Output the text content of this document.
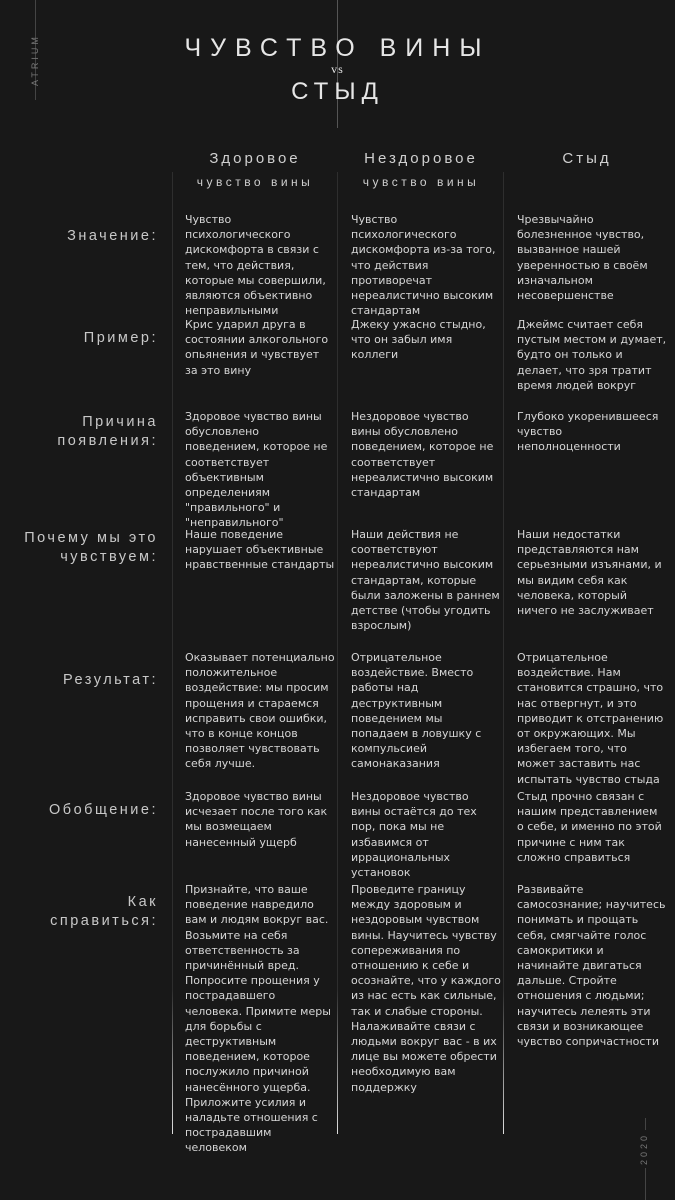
ATRIUM
2020
ЧУВСТВО ВИНЫ
vs
СТЫД
Здоровое
чувство вины
Нездоровое
чувство вины
Стыд
Значение:
Чувство психологического дискомфорта в связи с тем, что действия, которые мы совершили, являются объективно неправильными
Чувство психологического дискомфорта из-за того, что действия противоречат нереалистично высоким стандартам
Чрезвычайно болезненное чувство, вызванное нашей уверенностью в своём изначальном несовершенстве
Пример:
Крис ударил друга в состоянии алкогольного опьянения и чувствует за это вину
Джеку ужасно стыдно, что он забыл имя коллеги
Джеймс считает себя пустым местом и думает, будто он только и делает, что зря тратит время людей вокруг
Причина
появления:
Здоровое чувство вины обусловлено поведением, которое не соответствует объективным определениям "правильного" и "неправильного"
Нездоровое чувство вины обусловлено поведением, которое не соответствует нереалистично высоким стандартам
Глубоко укоренившееся чувство неполноценности
Почему мы это
чувствуем:
Наше поведение нарушает объективные нравственные стандарты
Наши действия не соответствуют нереалистично высоким стандартам, которые были заложены в раннем детстве (чтобы угодить взрослым)
Наши недостатки представляются нам серьезными изъянами, и мы видим себя как человека, который ничего не заслуживает
Результат:
Оказывает потенциально положительное воздействие: мы просим прощения и стараемся исправить свои ошибки, что в конце концов позволяет чувствовать себя лучше.
Отрицательное воздействие. Вместо работы над деструктивным поведением мы попадаем в ловушку с компульсией самонаказания
Отрицательное воздействие. Нам становится страшно, что нас отвергнут, и это приводит к отстранению от окружающих. Мы избегаем того, что может заставить нас испытать чувство стыда
Обобщение:
Здоровое чувство вины исчезает после того как мы возмещаем нанесенный ущерб
Нездоровое чувство вины остаётся до тех пор, пока мы не избавимся от иррациональных установок
Стыд прочно связан с нашим представлением о себе, и именно по этой причине с ним так сложно справиться
Как
справиться:
Признайте, что ваше поведение навредило вам и людям вокруг вас. Возьмите на себя ответственность за причинённый вред. Попросите прощения у пострадавшего человека. Примите меры для борьбы с деструктивным поведением, которое послужило причиной нанесённого ущерба. Приложите усилия и наладьте отношения с пострадавшим человеком
Проведите границу между здоровым и нездоровым чувством вины. Научитесь чувству сопереживания по отношению к себе и осознайте, что у каждого из нас есть как сильные, так и слабые стороны. Налаживайте связи с людьми вокруг вас - в их лице вы можете обрести необходимую вам поддержку
Развивайте самосознание; научитесь понимать и прощать себя, смягчайте голос самокритики и начинайте двигаться дальше. Стройте отношения с людьми; научитесь лелеять эти связи и возникающее чувство сопричастности
